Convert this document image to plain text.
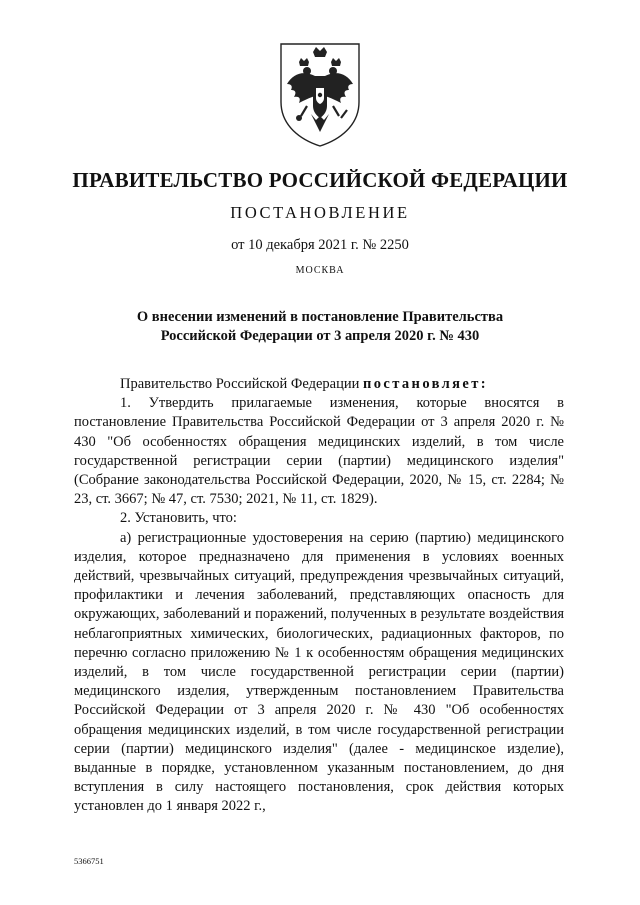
ПРАВИТЕЛЬСТВО РОССИЙСКОЙ ФЕДЕРАЦИИ
ПОСТАНОВЛЕНИЕ
от 10 декабря 2021 г. № 2250
МОСКВА
О внесении изменений в постановление Правительства
Российской Федерации от 3 апреля 2020 г. № 430

Правительство Российской Федерации постановляет:

1. Утвердить прилагаемые изменения, которые вносятся в постановление Правительства Российской Федерации от 3 апреля 2020 г. № 430 "Об особенностях обращения медицинских изделий, в том числе государственной регистрации серии (партии) медицинского изделия" (Собрание законодательства Российской Федерации, 2020, № 15, ст. 2284; № 23, ст. 3667; № 47, ст. 7530; 2021, № 11, ст. 1829).

2. Установить, что:

а) регистрационные удостоверения на серию (партию) медицинского изделия, которое предназначено для применения в условиях военных действий, чрезвычайных ситуаций, предупреждения чрезвычайных ситуаций, профилактики и лечения заболеваний, представляющих опасность для окружающих, заболеваний и поражений, полученных в результате воздействия неблагоприятных химических, биологических, радиационных факторов, по перечню согласно приложению № 1 к особенностям обращения медицинских изделий, в том числе государственной регистрации серии (партии) медицинского изделия, утвержденным постановлением Правительства Российской Федерации от 3 апреля 2020 г. № 430 "Об особенностях обращения медицинских изделий, в том числе государственной регистрации серии (партии) медицинского изделия" (далее - медицинское изделие), выданные в порядке, установленном указанным постановлением, до дня вступления в силу настоящего постановления, срок действия которых установлен до 1 января 2022 г.,

5366751
